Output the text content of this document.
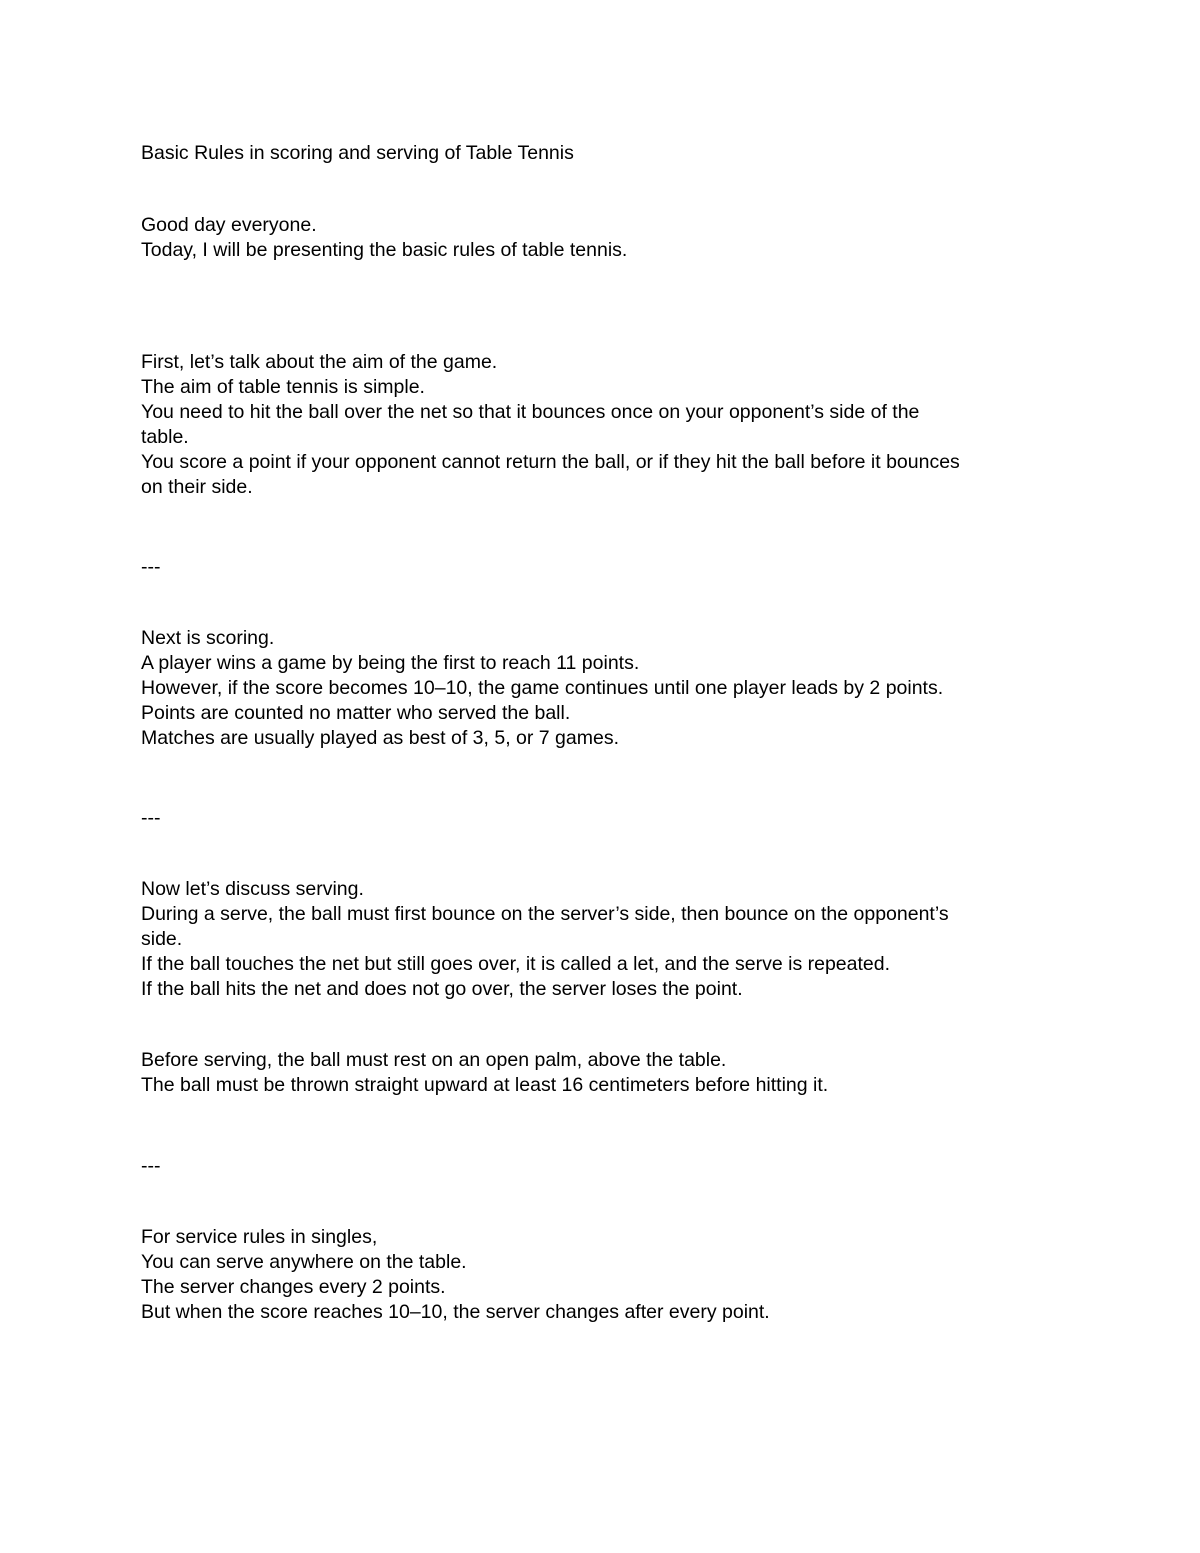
Basic Rules in scoring and serving of Table Tennis

Good day everyone.

Today, I will be presenting the basic rules of table tennis.

First, let’s talk about the aim of the game.

The aim of table tennis is simple.

You need to hit the ball over the net so that it bounces once on your opponent’s side of the

table.

You score a point if your opponent cannot return the ball, or if they hit the ball before it bounces

on their side.

---

Next is scoring.

A player wins a game by being the first to reach 11 points.

However, if the score becomes 10–10, the game continues until one player leads by 2 points.

Points are counted no matter who served the ball.

Matches are usually played as best of 3, 5, or 7 games.

---

Now let’s discuss serving.

During a serve, the ball must first bounce on the server’s side, then bounce on the opponent’s

side.

If the ball touches the net but still goes over, it is called a let, and the serve is repeated.

If the ball hits the net and does not go over, the server loses the point.

Before serving, the ball must rest on an open palm, above the table.

The ball must be thrown straight upward at least 16 centimeters before hitting it.

---

For service rules in singles,

You can serve anywhere on the table.

The server changes every 2 points.

But when the score reaches 10–10, the server changes after every point.
